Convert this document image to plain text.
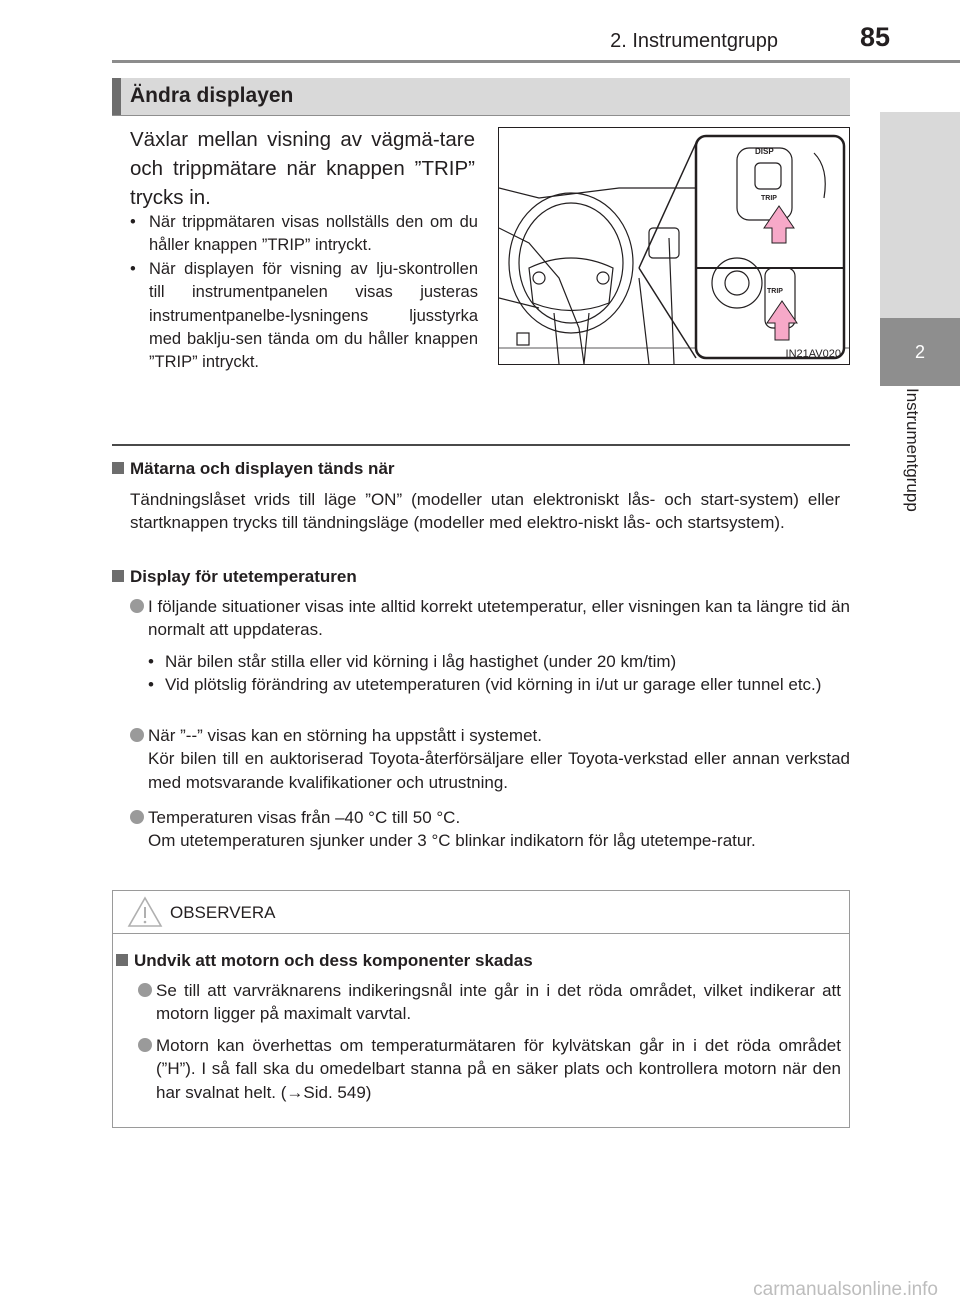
2. Instrumentgrupp	85
2
Instrumentgrupp
Ändra displayen
Växlar mellan visning av vägmä-tare och trippmätare när knappen ”TRIP” trycks in.
• När trippmätaren visas nollställs den om du håller knappen ”TRIP” intryckt.
• När displayen för visning av lju-skontrollen till instrumentpanelen visas justeras instrumentpanelbe-lysningens ljusstyrka med baklju-sen tända om du håller knappen ”TRIP” intryckt.
DISP
TRIP
TRIP
IN21AV020
Mätarna och displayen tänds när
Tändningslåset vrids till läge ”ON” (modeller utan elektroniskt lås- och start-system) eller startknappen trycks till tändningsläge (modeller med elektro-niskt lås- och startsystem).
Display för utetemperaturen
I följande situationer visas inte alltid korrekt utetemperatur, eller visningen kan ta längre tid än normalt att uppdateras.
• När bilen står stilla eller vid körning i låg hastighet (under 20 km/tim)
• Vid plötslig förändring av utetemperaturen (vid körning in i/ut ur garage eller tunnel etc.)
När ”--” visas kan en störning ha uppstått i systemet.
Kör bilen till en auktoriserad Toyota-återförsäljare eller Toyota-verkstad eller annan verkstad med motsvarande kvalifikationer och utrustning.
Temperaturen visas från –40 °C till 50 °C.
Om utetemperaturen sjunker under 3 °C blinkar indikatorn för låg utetempe-ratur.
OBSERVERA
Undvik att motorn och dess komponenter skadas
Se till att varvräknarens indikeringsnål inte går in i det röda området, vilket indikerar att motorn ligger på maximalt varvtal.
Motorn kan överhettas om temperaturmätaren för kylvätskan går in i det röda området (”H”). I så fall ska du omedelbart stanna på en säker plats och kontrollera motorn när den har svalnat helt. (→Sid. 549)
carmanualsonline.info
